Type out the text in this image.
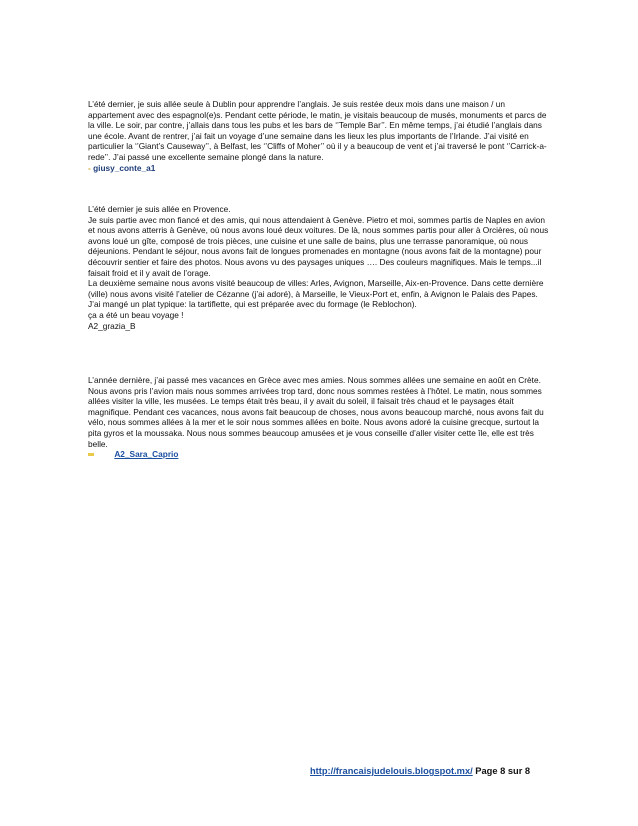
L’été dernier, je suis allée seule à Dublin pour apprendre l’anglais. Je suis restée deux mois dans une maison / un appartement avec des espagnol(e)s. Pendant cette période, le matin, je visitais beaucoup de musés, monuments et parcs de la ville. Le soir, par contre, j’allais dans tous les pubs et les bars de ‘’Temple Bar’’. En même temps, j’ai étudié l’anglais dans une école. Avant de rentrer, j’ai fait un voyage d’une semaine dans les lieux les plus importants de l’Irlande. J’ai visité en particulier la ‘’Giant’s Causeway’’, à Belfast, les ‘’Cliffs of Moher’’ où il y a beaucoup de vent et j’ai traversé le pont ‘’Carrick-a-rede’’. J’ai passé une excellente semaine plongé dans la nature.

- giusy_conte_a1

L’été dernier je suis allée en Provence.

Je suis partie avec mon fiancé et des amis, qui nous attendaient à Genève. Pietro et moi, sommes partis de Naples en avion et nous avons atterris à Genève, où nous avons loué deux voitures. De là, nous sommes partis pour aller à Orcières, où nous avons loué un gîte, composé de trois pièces, une cuisine et une salle de bains, plus une terrasse panoramique, où nous déjeunions. Pendant le séjour, nous avons fait de longues promenades en montagne (nous avons fait de la montagne) pour découvrir sentier et faire des photos. Nous avons vu des paysages uniques …. Des couleurs magnifiques. Mais le temps...il faisait froid et il y avait de l’orage.

La deuxième semaine nous avons visité beaucoup de villes: Arles, Avignon, Marseille, Aix-en-Provence. Dans cette dernière (ville) nous avons visité l’atelier de Cézanne (j’ai adoré), à Marseille, le Vieux-Port et, enfin, à Avignon le Palais des Papes.

J’ai mangé un plat typique: la tartiflette, qui est préparée avec du formage (le Reblochon).

ça a été un beau voyage !

A2_grazia_B

L’année dernière, j’ai passé mes vacances en Grèce avec mes amies. Nous sommes allées une semaine en août en Crète. Nous avons pris l’avion mais nous sommes arrivées trop tard, donc nous sommes restées à l’hôtel. Le matin, nous sommes allées visiter la ville, les musées. Le temps était très beau, il y avait du soleil, il faisait très chaud et le paysages était magnifique. Pendant ces vacances, nous avons fait beaucoup de choses, nous avons beaucoup marché, nous avons fait du vélo, nous sommes allées à la mer et le soir nous sommes allées en boite. Nous avons adoré la cuisine grecque, surtout la pita gyros et la moussaka. Nous nous sommes beaucoup amusées et je vous conseille d’aller visiter cette île, elle est très belle.

A2_Sara_Caprio

http://francaisjudelouis.blogspot.mx/ Page 8 sur 8
